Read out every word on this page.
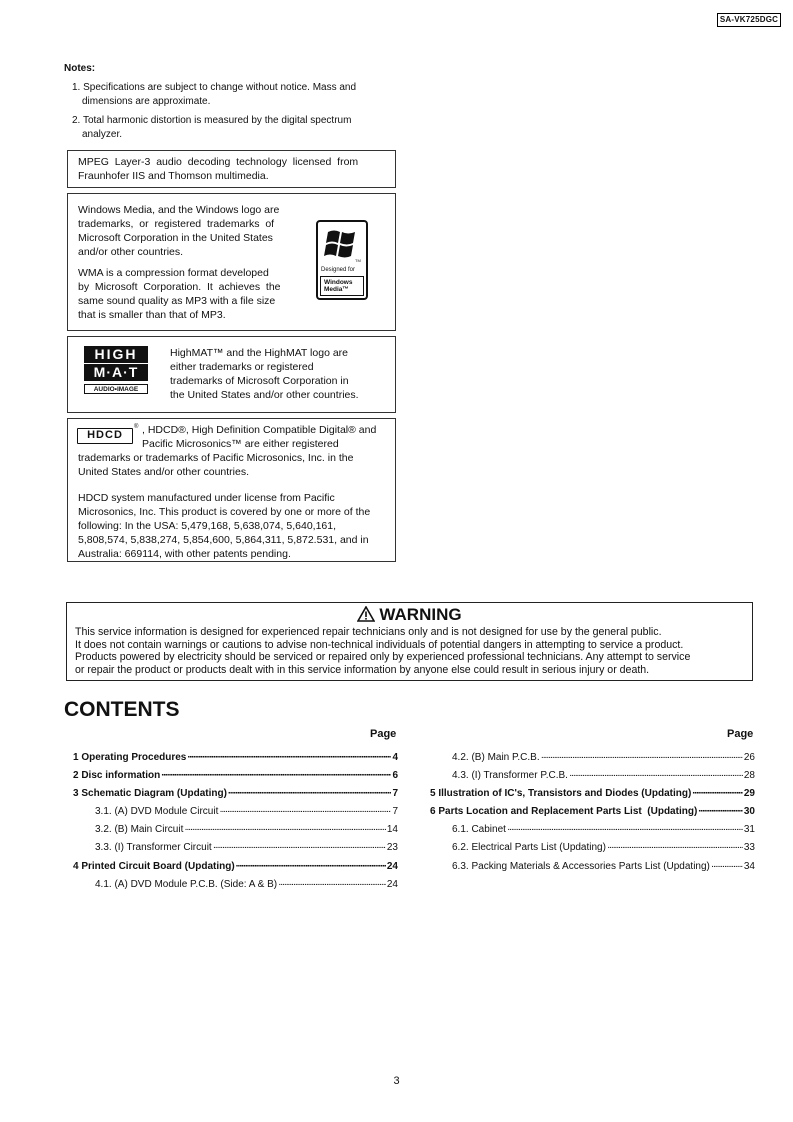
SA-VK725DGC
Notes:
1. Specifications are subject to change without notice. Mass and
dimensions are approximate.
2. Total harmonic distortion is measured by the digital spectrum
analyzer.
MPEG  Layer-3  audio  decoding  technology  licensed  from
Fraunhofer IIS and Thomson multimedia.
Windows Media, and the Windows logo are
trademarks,  or  registered  trademarks  of
Microsoft Corporation in the United States
and/or other countries.
WMA is a compression format developed
by  Microsoft  Corporation.  It  achieves  the
same sound quality as MP3 with a file size
that is smaller than that of MP3.
TM
Designed for
Windows
Media™
HIGH
M·A·T
AUDIO•IMAGE
HighMAT™ and the HighMAT logo are
either trademarks or registered
trademarks of Microsoft Corporation in
the United States and/or other countries.
HDCD
® , HDCD®, High Definition Compatible Digital® and
Pacific Microsonics™ are either registered
trademarks or trademarks of Pacific Microsonics, Inc. in the
United States and/or other countries.
HDCD system manufactured under license from Pacific
Microsonics, Inc. This product is covered by one or more of the
following: In the USA: 5,479,168, 5,638,074, 5,640,161,
5,808,574, 5,838,274, 5,854,600, 5,864,311, 5,872.531, and in
Australia: 669114, with other patents pending.
WARNING
This service information is designed for experienced repair technicians only and is not designed for use by the general public.
It does not contain warnings or cautions to advise non-technical individuals of potential dangers in attempting to service a product.
Products powered by electricity should be serviced or repaired only by experienced professional technicians. Any attempt to service
or repair the product or products dealt with in this service information by anyone else could result in serious injury or death.
CONTENTS
Page	Page
1 Operating Procedures ·····	4
2 Disc information ·····	6
3 Schematic Diagram (Updating) ·····	7
3.1. (A) DVD Module Circuit ·····	7
3.2. (B) Main Circuit ·····	14
3.3. (I) Transformer Circuit ·····	23
4 Printed Circuit Board (Updating) ·····	24
4.1. (A) DVD Module P.C.B. (Side: A & B) ·····	24
4.2. (B) Main P.C.B. ·····	26
4.3. (I) Transformer P.C.B. ·····	28
5 Illustration of IC's, Transistors and Diodes (Updating) ·····	29
6 Parts Location and Replacement Parts List  (Updating) ·····	30
6.1. Cabinet ·····	31
6.2. Electrical Parts List (Updating) ·····	33
6.3. Packing Materials & Accessories Parts List (Updating) ·····	34
3
